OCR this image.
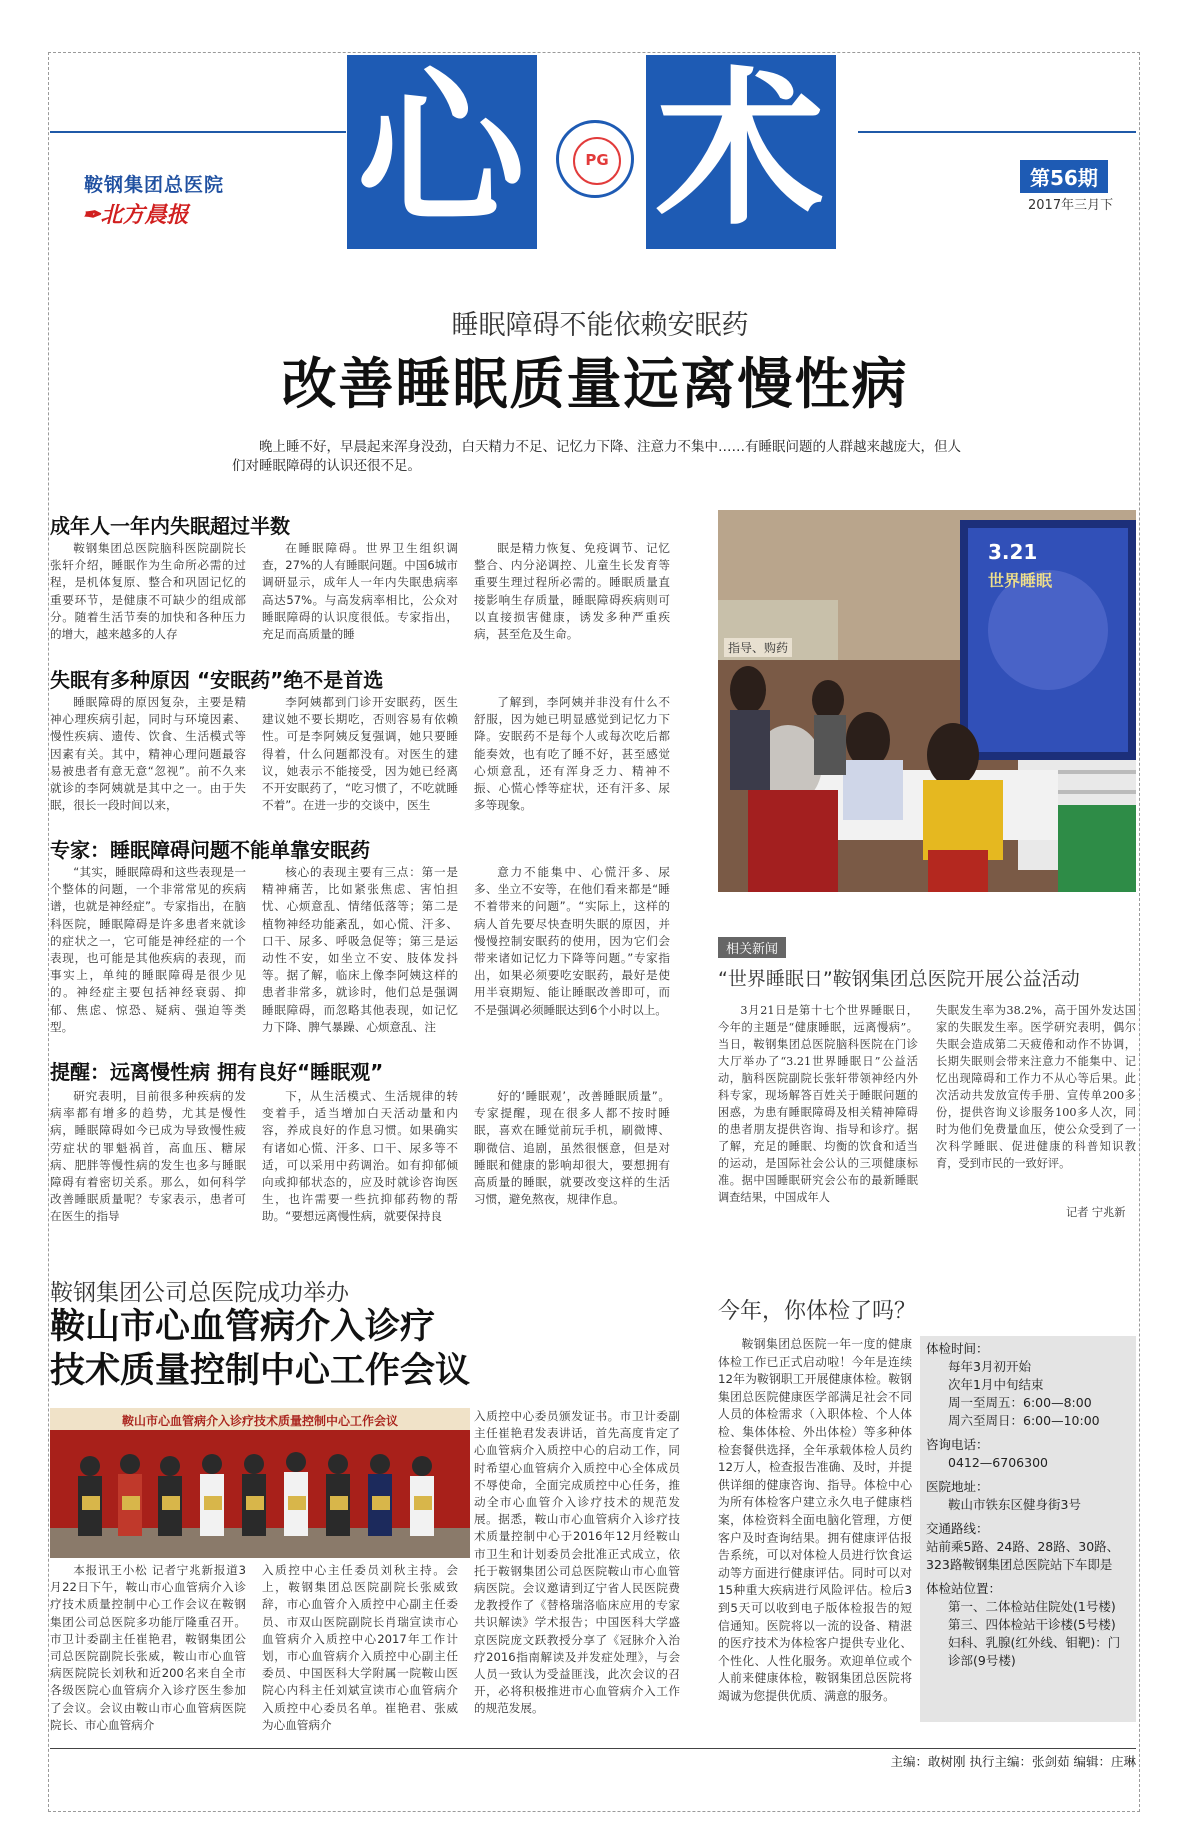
鞍钢集团总医院
✒北方晨报 心 术
PG
第56期
2017年三月下
睡眠障碍不能依赖安眠药
改善睡眠质量远离慢性病
晚上睡不好，早晨起来浑身没劲，白天精力不足、记忆力下降、注意力不集中……有睡眠问题的人群越来越庞大，但人们对睡眠障碍的认识还很不足。
成年人一年内失眠超过半数

鞍钢集团总医院脑科医院副院长张轩介绍，睡眠作为生命所必需的过程，是机体复原、整合和巩固记忆的重要环节，是健康不可缺少的组成部分。随着生活节奏的加快和各种压力的增大，越来越多的人存

在睡眠障碍。世界卫生组织调查，27%的人有睡眠问题。中国6城市调研显示，成年人一年内失眠患病率高达57%。与高发病率相比，公众对睡眠障碍的认识度很低。专家指出，充足而高质量的睡

眠是精力恢复、免疫调节、记忆整合、内分泌调控、儿童生长发育等重要生理过程所必需的。睡眠质量直接影响生存质量，睡眠障碍疾病则可以直接损害健康，诱发多种严重疾病，甚至危及生命。

失眠有多种原因 “安眠药”绝不是首选

睡眠障碍的原因复杂，主要是精神心理疾病引起，同时与环境因素、慢性疾病、遗传、饮食、生活模式等因素有关。其中，精神心理问题最容易被患者有意无意“忽视”。前不久来就诊的李阿姨就是其中之一。由于失眠，很长一段时间以来，

李阿姨都到门诊开安眠药，医生建议她不要长期吃，否则容易有依赖性。可是李阿姨反复强调，她只要睡得着，什么问题都没有。对医生的建议，她表示不能接受，因为她已经离不开安眠药了，“吃习惯了，不吃就睡不着”。在进一步的交谈中，医生

了解到，李阿姨并非没有什么不舒服，因为她已明显感觉到记忆力下降。安眠药不是每个人或每次吃后都能奏效，也有吃了睡不好，甚至感觉心烦意乱，还有浑身乏力、精神不振、心慌心悸等症状，还有汗多、尿多等现象。

专家：睡眠障碍问题不能单靠安眠药

“其实，睡眠障碍和这些表现是一个整体的问题，一个非常常见的疾病谱，也就是神经症”。专家指出，在脑科医院，睡眠障碍是许多患者来就诊的症状之一，它可能是神经症的一个表现，也可能是其他疾病的表现，而事实上，单纯的睡眠障碍是很少见的。神经症主要包括神经衰弱、抑郁、焦虑、惊恐、疑病、强迫等类型。

核心的表现主要有三点：第一是精神痛苦，比如紧张焦虑、害怕担忧、心烦意乱、情绪低落等；第二是植物神经功能紊乱，如心慌、汗多、口干、尿多、呼吸急促等；第三是运动性不安，如坐立不安、肢体发抖等。据了解，临床上像李阿姨这样的患者非常多，就诊时，他们总是强调睡眠障碍，而忽略其他表现，如记忆力下降、脾气暴躁、心烦意乱、注

意力不能集中、心慌汗多、尿多、坐立不安等，在他们看来都是“睡不着带来的问题”。“实际上，这样的病人首先要尽快查明失眠的原因，并慢慢控制安眠药的使用，因为它们会带来诸如记忆力下降等问题。”专家指出，如果必须要吃安眠药，最好是使用半衰期短、能让睡眠改善即可，而不是强调必须睡眠达到6个小时以上。

提醒：远离慢性病 拥有良好“睡眠观”

研究表明，目前很多种疾病的发病率都有增多的趋势，尤其是慢性病，睡眠障碍如今已成为导致慢性疲劳症状的罪魁祸首，高血压、糖尿病、肥胖等慢性病的发生也多与睡眠障碍有着密切关系。那么，如何科学改善睡眠质量呢？专家表示，患者可在医生的指导

下，从生活模式、生活规律的转变着手，适当增加白天活动量和内容，养成良好的作息习惯。如果确实有诸如心慌、汗多、口干、尿多等不适，可以采用中药调治。如有抑郁倾向或抑郁状态的，应及时就诊咨询医生，也许需要一些抗抑郁药物的帮助。“要想远离慢性病，就要保持良

好的‘睡眠观’，改善睡眠质量”。专家提醒，现在很多人都不按时睡眠，喜欢在睡觉前玩手机，刷微博、聊微信、追剧，虽然很惬意，但是对睡眠和健康的影响却很大，要想拥有高质量的睡眠，就要改变这样的生活习惯，避免熬夜，规律作息。

3.21
世界睡眠
指导、购药
相关新闻
“世界睡眠日”鞍钢集团总医院开展公益活动
3月21日是第十七个世界睡眠日，今年的主题是“健康睡眠，远离慢病”。当日，鞍钢集团总医院脑科医院在门诊大厅举办了“3.21世界睡眠日”公益活动，脑科医院副院长张轩带领神经内外科专家，现场解答百姓关于睡眠问题的困惑，为患有睡眠障碍及相关精神障碍的患者朋友提供咨询、指导和诊疗。据了解，充足的睡眠、均衡的饮食和适当的运动，是国际社会公认的三项健康标准。据中国睡眠研究会公布的最新睡眠调查结果，中国成年人
失眠发生率为38.2%，高于国外发达国家的失眠发生率。医学研究表明，偶尔失眠会造成第二天疲倦和动作不协调，长期失眠则会带来注意力不能集中、记忆出现障碍和工作力不从心等后果。此次活动共发放宣传手册、宣传单200多份，提供咨询义诊服务100多人次，同时为他们免费量血压，使公众受到了一次科学睡眠、促进健康的科普知识教育，受到市民的一致好评。
记者 宁兆新
鞍钢集团公司总医院成功举办
鞍山市心血管病介入诊疗
技术质量控制中心工作会议
鞍山市心血管病介入诊疗技术质量控制中心工作会议

本报讯王小松 记者宁兆新报道3月22日下午，鞍山市心血管病介入诊疗技术质量控制中心工作会议在鞍钢集团公司总医院多功能厅隆重召开。市卫计委副主任崔艳君，鞍钢集团公司总医院副院长张威，鞍山市心血管病医院院长刘秋和近200名来自全市各级医院心血管病介入诊疗医生参加了会议。会议由鞍山市心血管病医院院长、市心血管病介

入质控中心主任委员刘秋主持。会上，鞍钢集团总医院副院长张威致辞，市心血管介入质控中心副主任委员、市双山医院副院长肖瑞宣读市心血管病介入质控中心2017年工作计划，市心血管病介入质控中心副主任委员、中国医科大学附属一院鞍山医院心内科主任刘斌宣读市心血管病介入质控中心委员名单。崔艳君、张威为心血管病介

入质控中心委员颁发证书。市卫计委副主任崔艳君发表讲话，首先高度肯定了心血管病介入质控中心的启动工作，同时希望心血管病介入质控中心全体成员不辱使命，全面完成质控中心任务，推动全市心血管介入诊疗技术的规范发展。据悉，鞍山市心血管病介入诊疗技术质量控制中心于2016年12月经鞍山市卫生和计划委员会批准正式成立，依托于鞍钢集团公司总医院鞍山市心血管病医院。会议邀请到辽宁省人民医院费龙教授作了《替格瑞洛临床应用的专家共识解读》学术报告；中国医科大学盛京医院庞文跃教授分享了《冠脉介入治疗2016指南解读及并发症处理》，与会人员一致认为受益匪浅，此次会议的召开，必将积极推进市心血管病介入工作的规范发展。

今年，你体检了吗？

鞍钢集团总医院一年一度的健康体检工作已正式启动啦！今年是连续12年为鞍钢职工开展健康体检。鞍钢集团总医院健康医学部满足社会不同人员的体检需求（入职体检、个人体检、集体体检、外出体检）等多种体检套餐供选择，全年承载体检人员约12万人，检查报告准确、及时，并提供详细的健康咨询、指导。体检中心为所有体检客户建立永久电子健康档案，体检资料全面电脑化管理，方便客户及时查询结果。拥有健康评估报告系统，可以对体检人员进行饮食运动等方面进行健康评估。同时可以对15种重大疾病进行风险评估。检后3到5天可以收到电子版体检报告的短信通知。医院将以一流的设备、精湛的医疗技术为体检客户提供专业化、个性化、人性化服务。欢迎单位或个人前来健康体检，鞍钢集团总医院将竭诚为您提供优质、满意的服务。

体检时间：
每年3月初开始
次年1月中旬结束
周一至周五：6:00—8:00
周六至周日：6:00—10:00
咨询电话：
0412—6706300
医院地址：
鞍山市铁东区健身街3号
交通路线：
站前乘5路、24路、28路、30路、323路鞍钢集团总医院站下车即是
体检站位置：
第一、二体检站住院处(1号楼)
第三、四体检站干诊楼(5号楼)
妇科、乳腺(红外线、钼靶)：门诊部(9号楼)
主编：敢树刚 执行主编：张剑茹 编辑：庄琳
